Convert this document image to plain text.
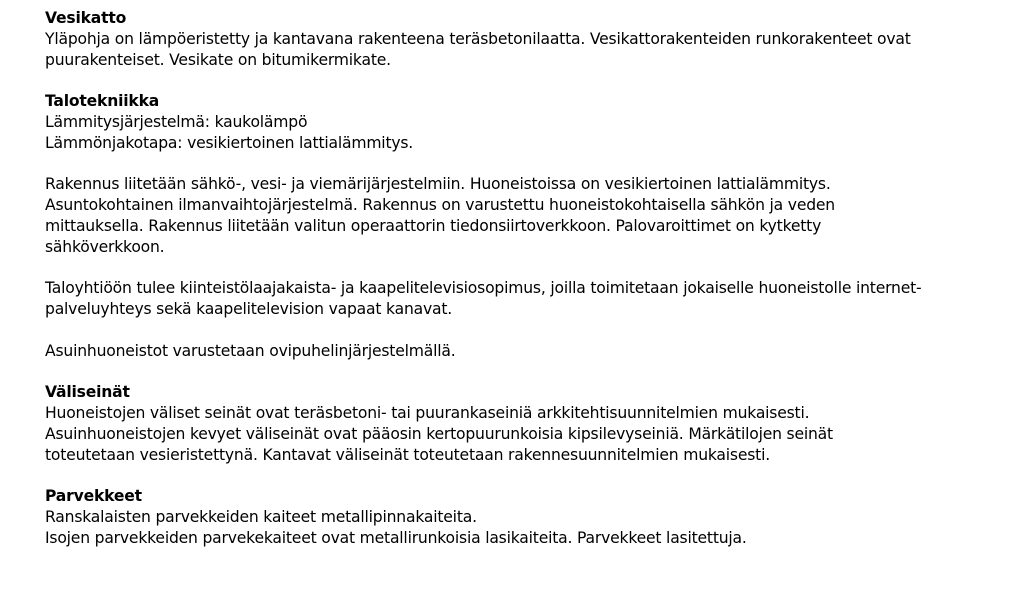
Vesikatto

Yläpohja on lämpöeristetty ja kantavana rakenteena teräsbetonilaatta. Vesikattorakenteiden runkorakenteet ovat
puurakenteiset. Vesikate on bitumikermikate.

Talotekniikka

Lämmitysjärjestelmä: kaukolämpö
Lämmönjakotapa: vesikiertoinen lattialämmitys.

Rakennus liitetään sähkö-, vesi- ja viemärijärjestelmiin. Huoneistoissa on vesikiertoinen lattialämmitys.
Asuntokohtainen ilmanvaihtojärjestelmä. Rakennus on varustettu huoneistokohtaisella sähkön ja veden
mittauksella. Rakennus liitetään valitun operaattorin tiedonsiirtoverkkoon. Palovaroittimet on kytketty
sähköverkkoon.

Taloyhtiöön tulee kiinteistölaajakaista- ja kaapelitelevisiosopimus, joilla toimitetaan jokaiselle huoneistolle internet-
palveluyhteys sekä kaapelitelevision vapaat kanavat.

Asuinhuoneistot varustetaan ovipuhelinjärjestelmällä.

Väliseinät

Huoneistojen väliset seinät ovat teräsbetoni- tai puurankaseiniä arkkitehtisuunnitelmien mukaisesti.
Asuinhuoneistojen kevyet väliseinät ovat pääosin kertopuurunkoisia kipsilevyseiniä. Märkätilojen seinät
toteutetaan vesieristettynä. Kantavat väliseinät toteutetaan rakennesuunnitelmien mukaisesti.

Parvekkeet

Ranskalaisten parvekkeiden kaiteet metallipinnakaiteita.
Isojen parvekkeiden parvekekaiteet ovat metallirunkoisia lasikaiteita. Parvekkeet lasitettuja.
